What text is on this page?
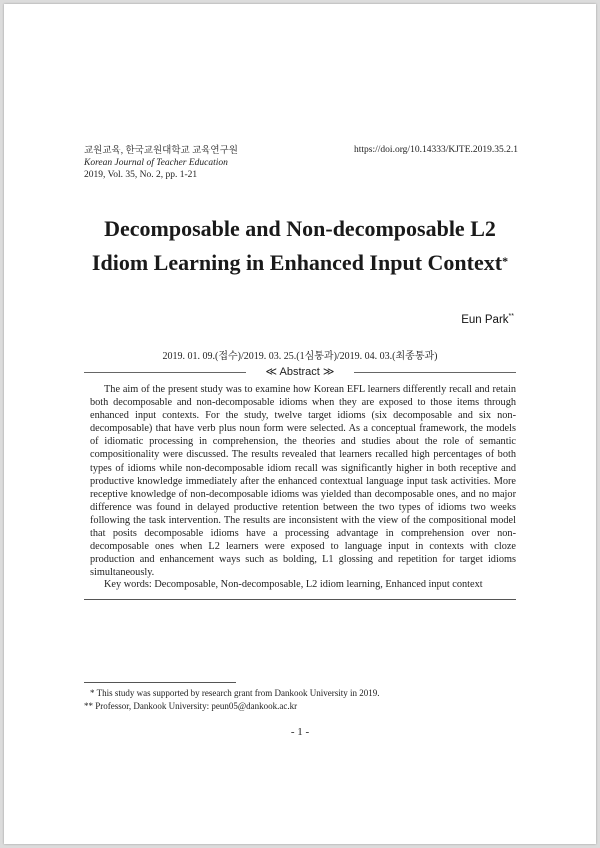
교원교육, 한국교원대학교 교육연구원
Korean Journal of Teacher Education
2019, Vol. 35, No. 2, pp. 1-21
https://doi.org/10.14333/KJTE.2019.35.2.1
Decomposable and Non-decomposable L2
Idiom Learning in Enhanced Input Context*
Eun Park**
2019. 01. 09.(접수)/2019. 03. 25.(1심통과)/2019. 04. 03.(최종통과)
≪ Abstract ≫

The aim of the present study was to examine how Korean EFL learners differently recall and retain both decomposable and non-decomposable idioms when they are exposed to those items through enhanced input contexts. For the study, twelve target idioms (six decomposable and six non-decomposable) that have verb plus noun form were selected. As a conceptual framework, the models of idiomatic processing in comprehension, the theories and studies about the role of semantic compositionality were discussed. The results revealed that learners recalled high percentages of both types of idioms while non-decomposable idiom recall was significantly higher in both receptive and productive knowledge immediately after the enhanced contextual language input task activities. More receptive knowledge of non-decomposable idioms was yielded than decomposable ones, and no major difference was found in delayed productive retention between the two types of idioms two weeks following the task intervention. The results are inconsistent with the view of the compositional model that posits decomposable idioms have a processing advantage in comprehension over non-decomposable ones when L2 learners were exposed to language input in contexts with cloze production and enhancement ways such as bolding, L1 glossing and repetition for target idioms simultaneously.

Key words: Decomposable, Non-decomposable, L2 idiom learning, Enhanced input context
* This study was supported by research grant from Dankook University in 2019.
** Professor, Dankook University: peun05@dankook.ac.kr
- 1 -
